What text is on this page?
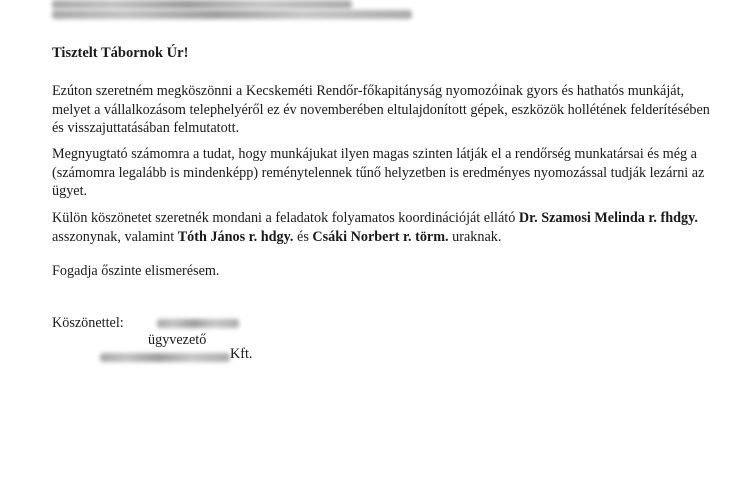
Tisztelt Tábornok Úr!

Ezúton szeretném megköszönni a Kecskeméti Rendőr-főkapitányság nyomozóinak gyors és hathatós munkáját, melyet a vállalkozásom telephelyéről ez év novemberében eltulajdonított gépek, eszközök hollétének felderítésében és visszajuttatásában felmutatott.

Megnyugtató számomra a tudat, hogy munkájukat ilyen magas szinten látják el a rendőrség munkatársai és még a (számomra legalább is mindenképp) reménytelennek tűnő helyzetben is eredményes nyomozással tudják lezárni az ügyet.

Külön köszönetet szeretnék mondani a feladatok folyamatos koordinációját ellátó Dr. Szamosi Melinda r. fhdgy. asszonynak, valamint Tóth János r. hdgy. és Csáki Norbert r. törm. uraknak.

Fogadja őszinte elismerésem.

Köszönettel:
ügyvezető
Kft.
